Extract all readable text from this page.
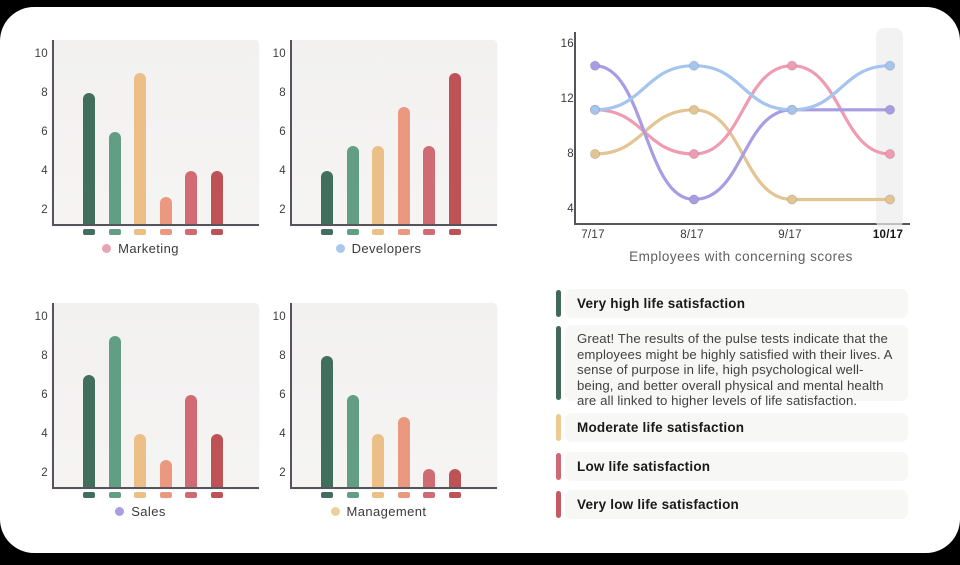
10
8
6
4
2
Marketing
10
8
6
4
2
Developers
10
8
6
4
2
Sales
10
8
6
4
2
Management
7/17	8/17	9/17	10/17
Employees with concerning scores
16
12
8
4
Very high life satisfaction

Great! The results of the pulse tests indicate that the employees might be highly satisfied with their lives. A sense of purpose in life, high psychological well-being, and better overall physical and mental health are all linked to higher levels of life satisfaction.

Moderate life satisfaction
Low life satisfaction
Very low life satisfaction
